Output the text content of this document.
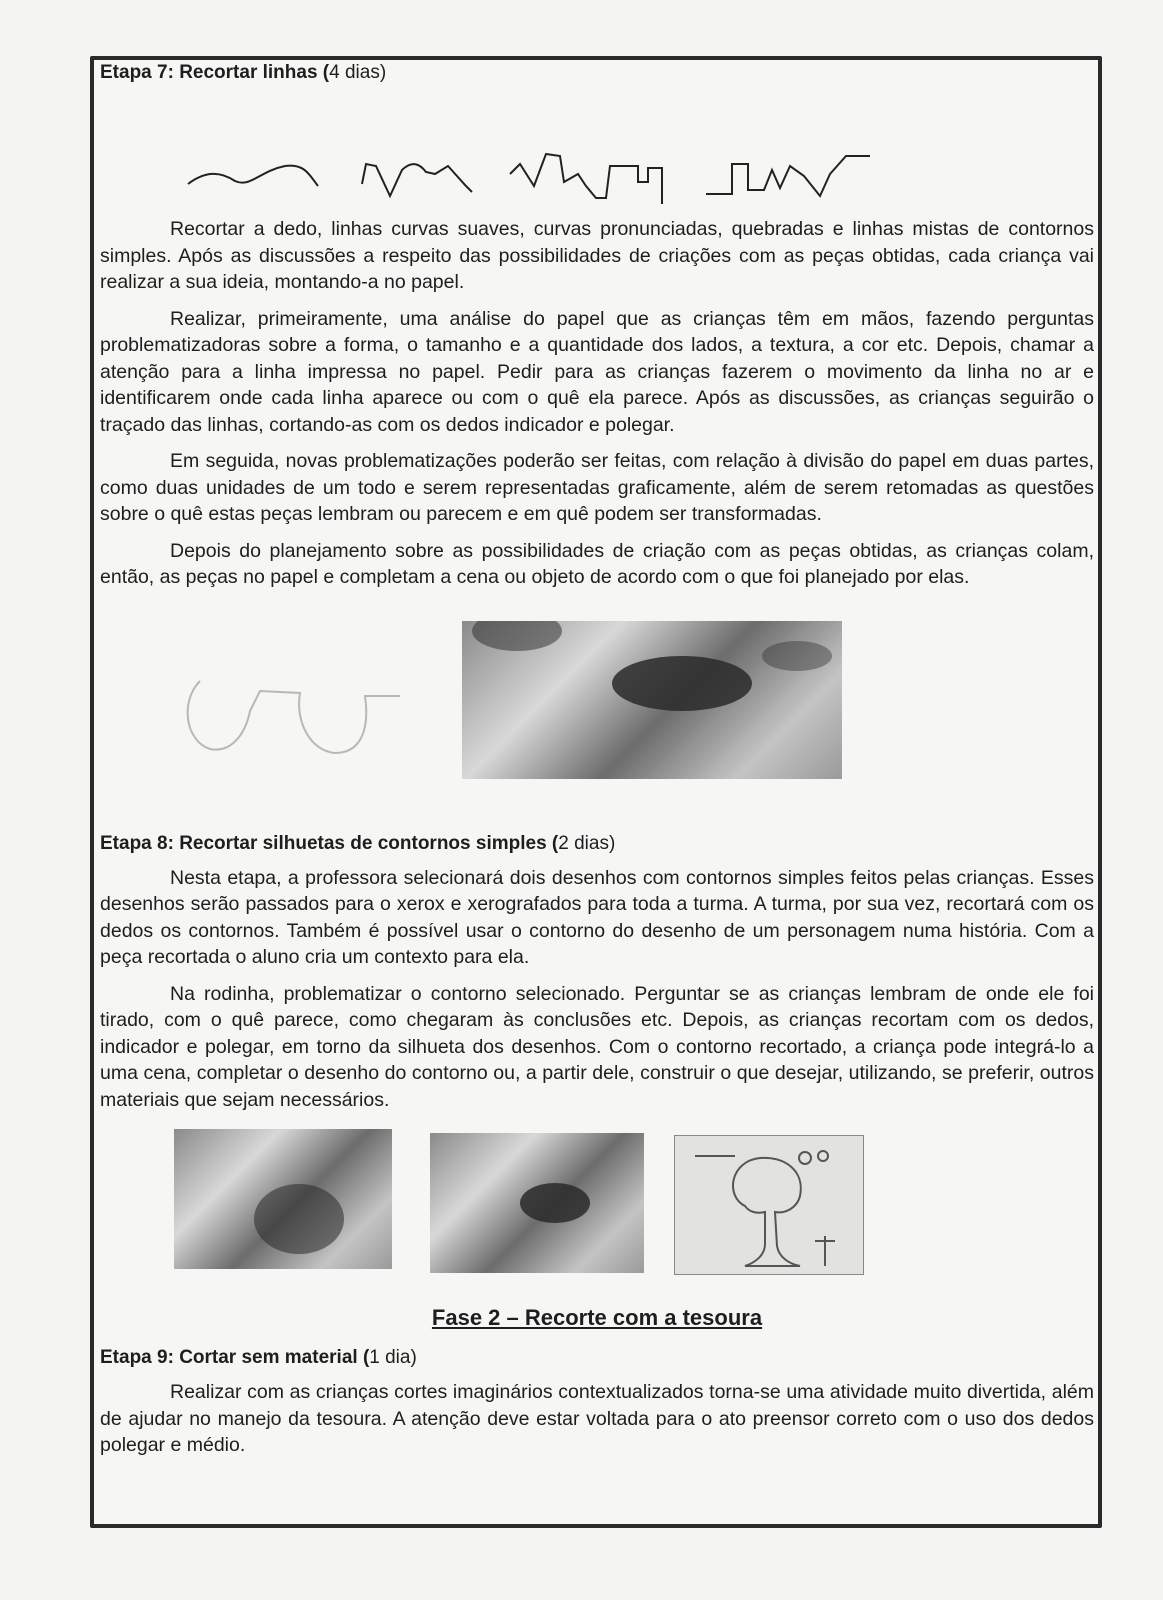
Etapa 7: Recortar linhas (4 dias)

Recortar a dedo, linhas curvas suaves, curvas pronunciadas, quebradas e linhas mistas de contornos simples. Após as discussões a respeito das possibilidades de criações com as peças obtidas, cada criança vai realizar a sua ideia, montando-a no papel.

Realizar, primeiramente, uma análise do papel que as crianças têm em mãos, fazendo perguntas problematizadoras sobre a forma, o tamanho e a quantidade dos lados, a textura, a cor etc. Depois, chamar a atenção para a linha impressa no papel. Pedir para as crianças fazerem o movimento da linha no ar e identificarem onde cada linha aparece ou com o quê ela parece. Após as discussões, as crianças seguirão o traçado das linhas, cortando-as com os dedos indicador e polegar.

Em seguida, novas problematizações poderão ser feitas, com relação à divisão do papel em duas partes, como duas unidades de um todo e serem representadas graficamente, além de serem retomadas as questões sobre o quê estas peças lembram ou parecem e em quê podem ser transformadas.

Depois do planejamento sobre as possibilidades de criação com as peças obtidas, as crianças colam, então, as peças no papel e completam a cena ou objeto de acordo com o que foi planejado por elas.

Etapa 8: Recortar silhuetas de contornos simples (2 dias)

Nesta etapa, a professora selecionará dois desenhos com contornos simples feitos pelas crianças. Esses desenhos serão passados para o xerox e xerografados para toda a turma. A turma, por sua vez, recortará com os dedos os contornos. Também é possível usar o contorno do desenho de um personagem numa história. Com a peça recortada o aluno cria um contexto para ela.

Na rodinha, problematizar o contorno selecionado. Perguntar se as crianças lembram de onde ele foi tirado, com o quê parece, como chegaram às conclusões etc. Depois, as crianças recortam com os dedos, indicador e polegar, em torno da silhueta dos desenhos. Com o contorno recortado, a criança pode integrá-lo a uma cena, completar o desenho do contorno ou, a partir dele, construir o que desejar, utilizando, se preferir, outros materiais que sejam necessários.

Fase 2 – Recorte com a tesoura

Etapa 9: Cortar sem material (1 dia)

Realizar com as crianças cortes imaginários contextualizados torna-se uma atividade muito divertida, além de ajudar no manejo da tesoura. A atenção deve estar voltada para o ato preensor correto com o uso dos dedos polegar e médio.
